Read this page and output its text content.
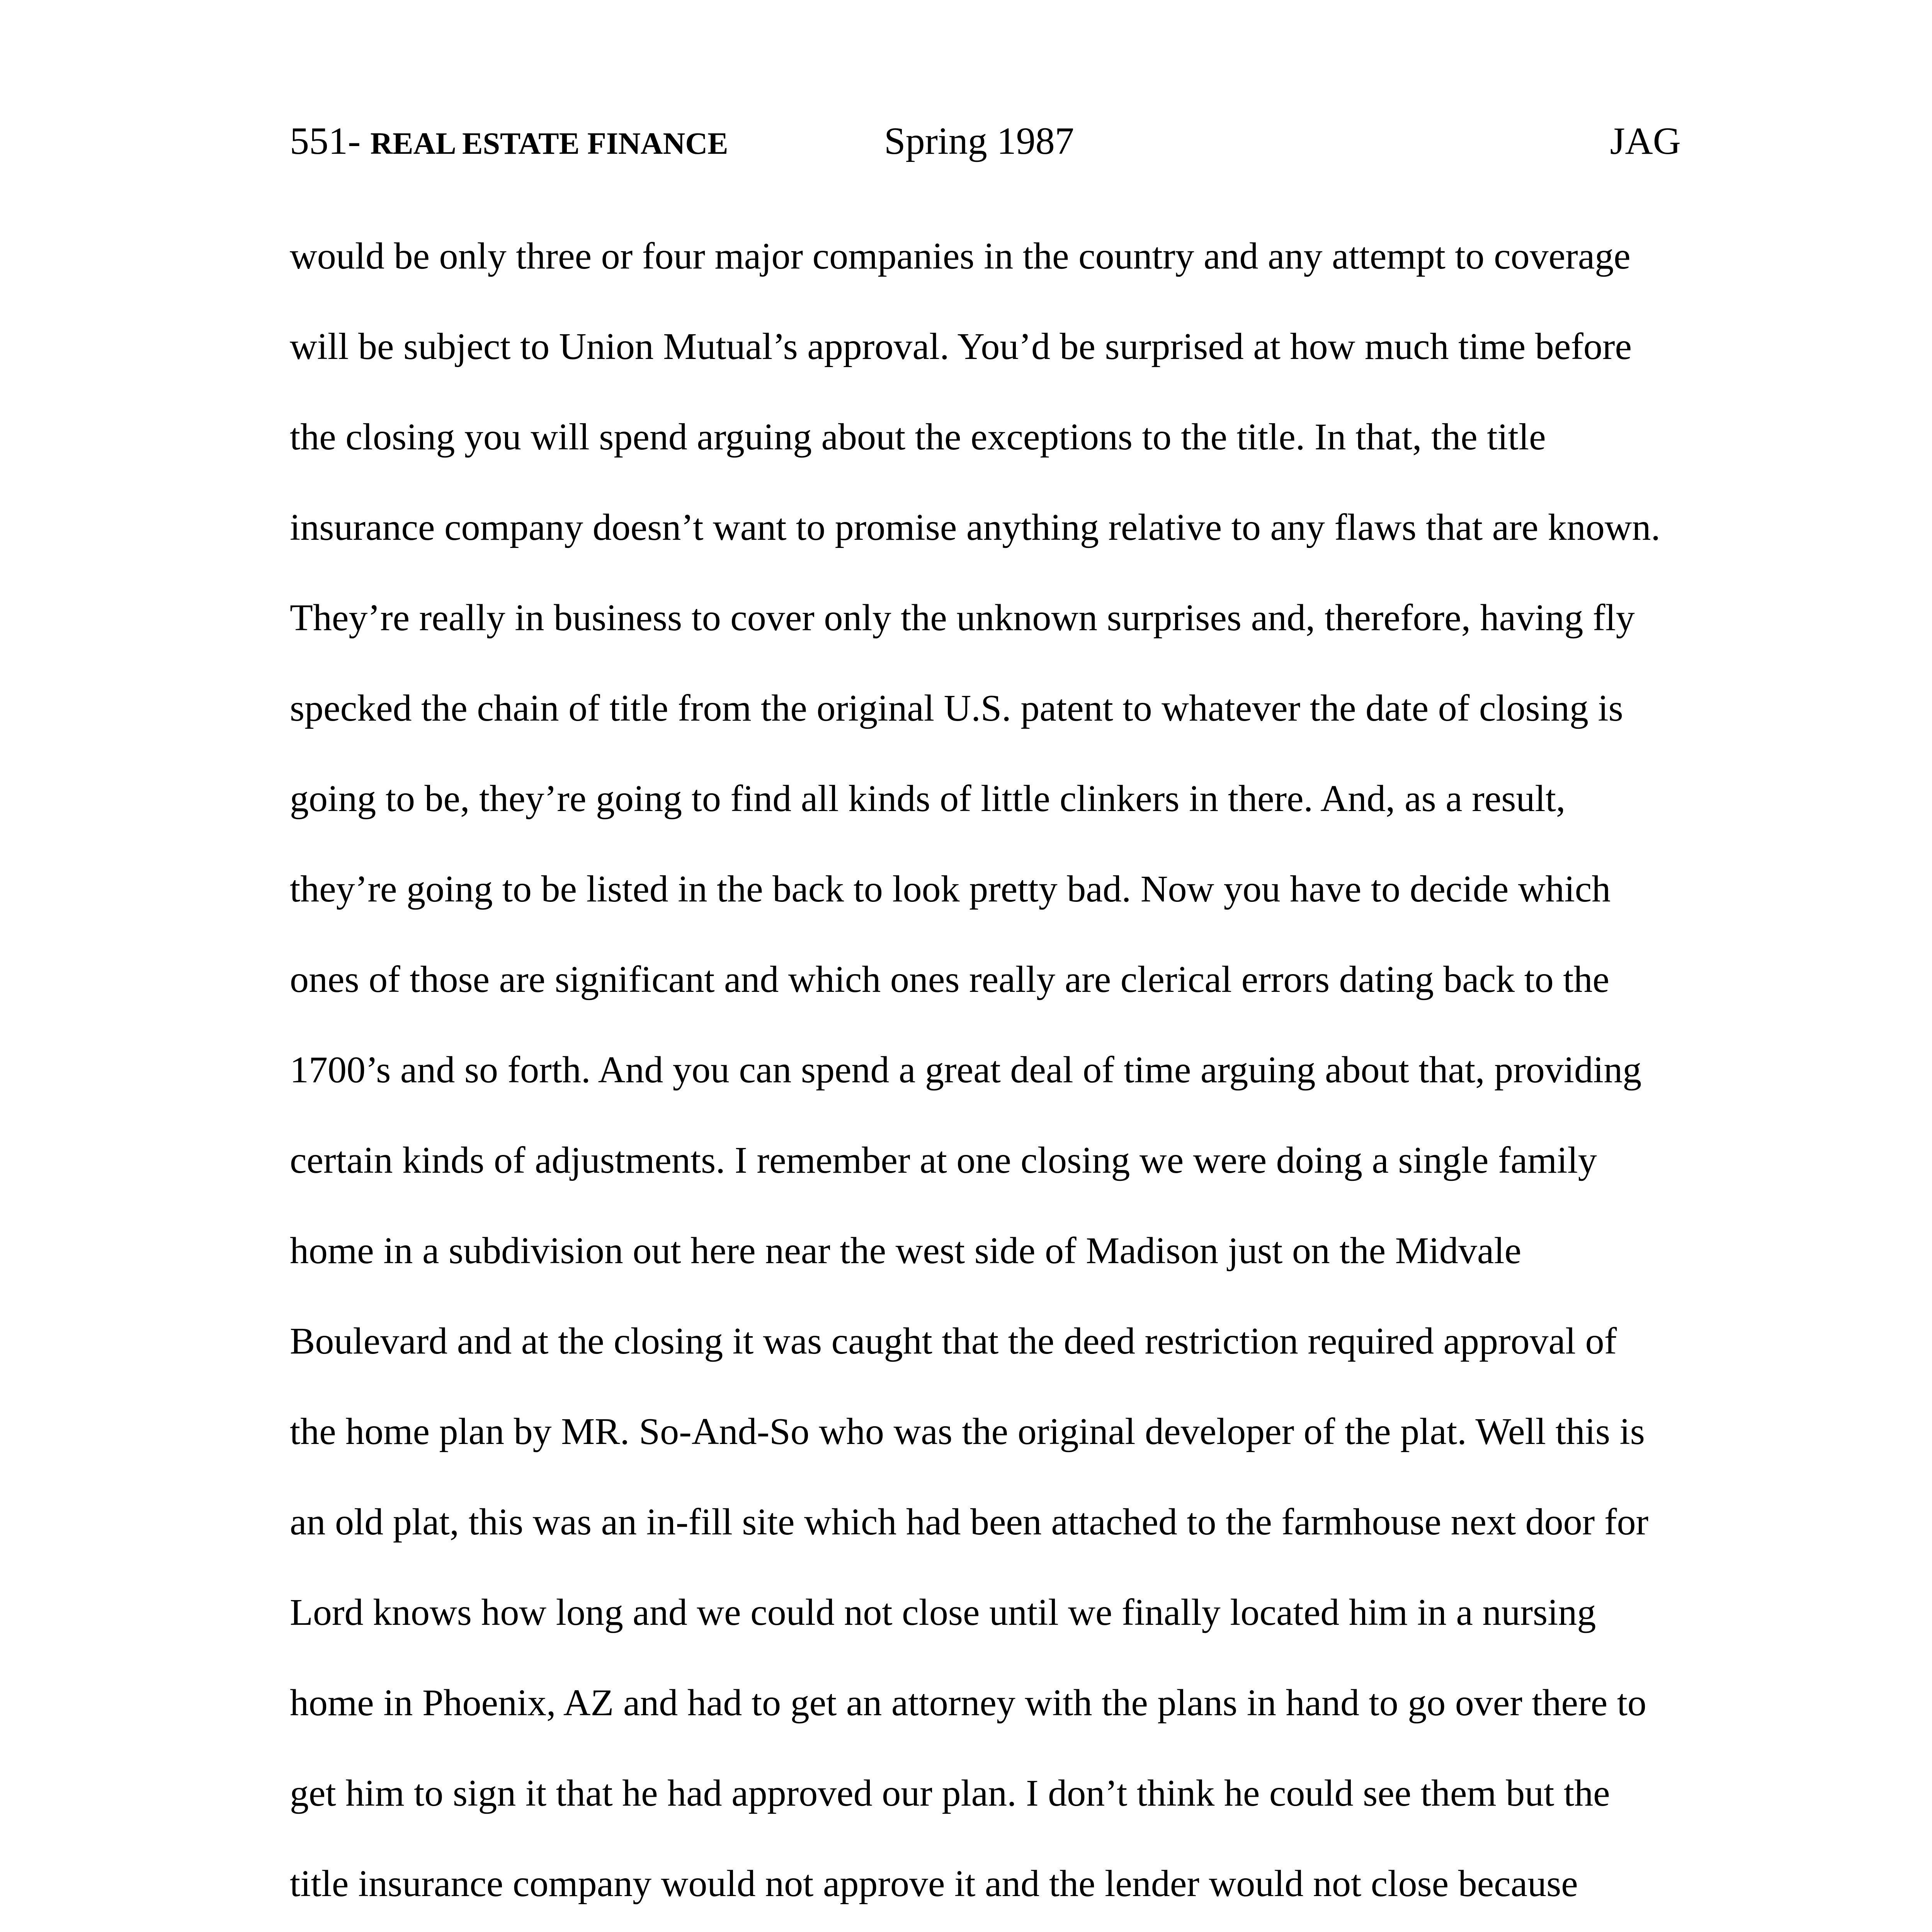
551- REAL ESTATE FINANCE	Spring 1987	JAG
would be only three or four major companies in the country and any attempt to coverage
will be subject to Union Mutual’s approval. You’d be surprised at how much time before
the closing you will spend arguing about the exceptions to the title. In that, the title
insurance company doesn’t want to promise anything relative to any flaws that are known.
They’re really in business to cover only the unknown surprises and, therefore, having fly
specked the chain of title from the original U.S. patent to whatever the date of closing is
going to be, they’re going to find all kinds of little clinkers in there. And, as a result,
they’re going to be listed in the back to look pretty bad. Now you have to decide which
ones of those are significant and which ones really are clerical errors dating back to the
1700’s and so forth. And you can spend a great deal of time arguing about that, providing
certain kinds of adjustments. I remember at one closing we were doing a single family
home in a subdivision out here near the west side of Madison just on the Midvale
Boulevard and at the closing it was caught that the deed restriction required approval of
the home plan by MR. So-And-So who was the original developer of the plat. Well this is
an old plat, this was an in-fill site which had been attached to the farmhouse next door for
Lord knows how long and we could not close until we finally located him in a nursing
home in Phoenix, AZ and had to get an attorney with the plans in hand to go over there to
get him to sign it that he had approved our plan. I don’t think he could see them but the
title insurance company would not approve it and the lender would not close because
